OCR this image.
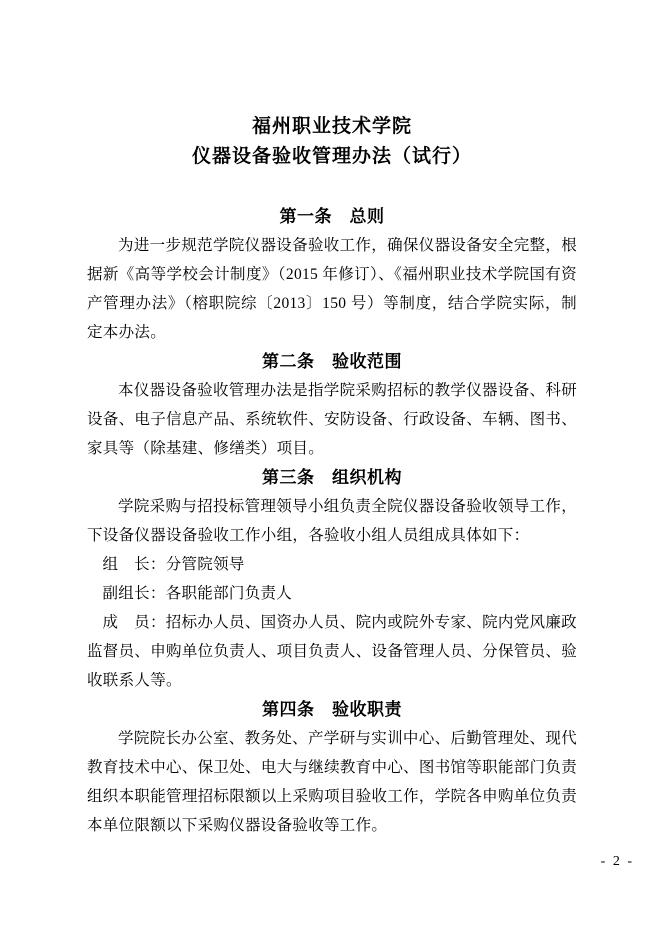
福州职业技术学院
仪器设备验收管理办法（试行）
第一条　总则

为进一步规范学院仪器设备验收工作，确保仪器设备安全完整，根据新《高等学校会计制度》（2015 年修订）、《福州职业技术学院国有资产管理办法》（榕职院综〔2013〕150 号）等制度，结合学院实际，制定本办法。

第二条　验收范围

本仪器设备验收管理办法是指学院采购招标的教学仪器设备、科研设备、电子信息产品、系统软件、安防设备、行政设备、车辆、图书、家具等（除基建、修缮类）项目。

第三条　组织机构

学院采购与招投标管理领导小组负责全院仪器设备验收领导工作，下设备仪器设备验收工作小组，各验收小组人员组成具体如下：

组　长：分管院领导

副组长：各职能部门负责人

成　员：招标办人员、国资办人员、院内或院外专家、院内党风廉政监督员、申购单位负责人、项目负责人、设备管理人员、分保管员、验收联系人等。

第四条　验收职责

学院院长办公室、教务处、产学研与实训中心、后勤管理处、现代教育技术中心、保卫处、电大与继续教育中心、图书馆等职能部门负责组织本职能管理招标限额以上采购项目验收工作，学院各申购单位负责本单位限额以下采购仪器设备验收等工作。

- 2 -
